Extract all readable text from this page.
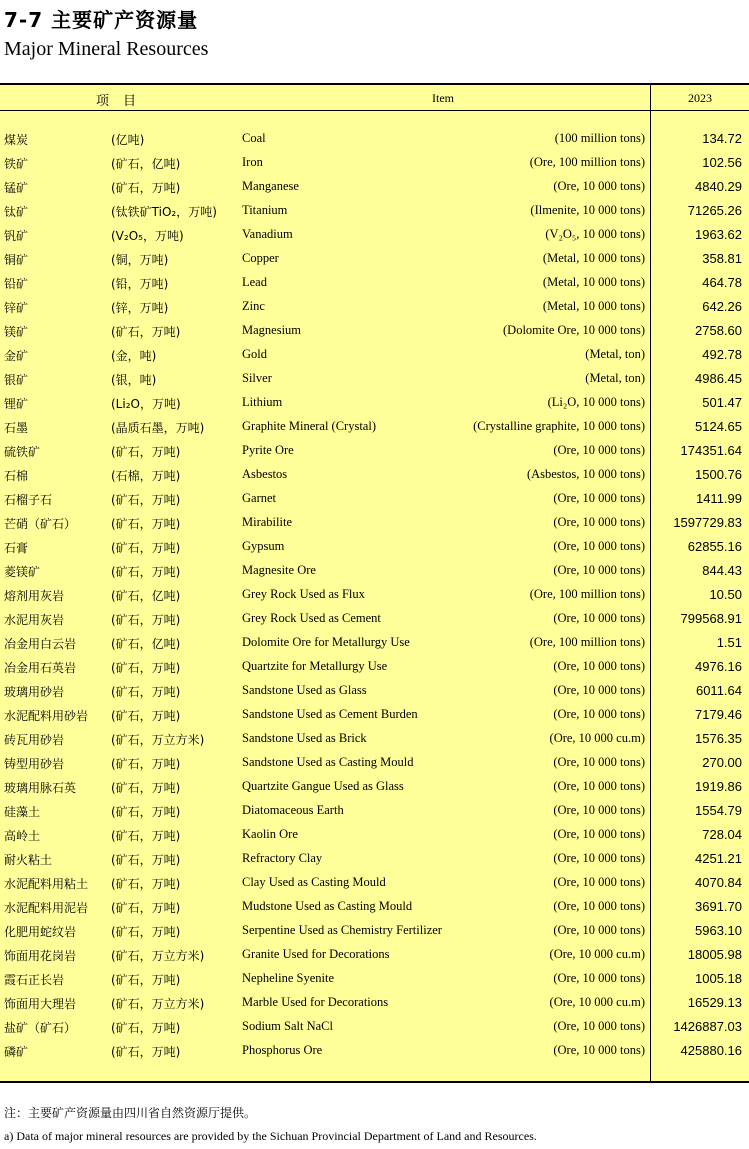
7-7 主要矿产资源量
Major Mineral Resources
项目	Item	2023
煤炭	(亿吨)	Coal	(100 million tons)	134.72
铁矿	(矿石，亿吨)	Iron	(Ore, 100 million tons)	102.56
锰矿	(矿石，万吨)	Manganese	(Ore, 10 000 tons)	4840.29
钛矿	(钛铁矿TiO₂，万吨) Titanium	(Ilmenite, 10 000 tons)	71265.26
钒矿	(V₂O₅，万吨)	Vanadium	(V₂O₅, 10 000 tons)	1963.62
铜矿	(铜，万吨)	Copper	(Metal, 10 000 tons)	358.81
铅矿	(铅，万吨)	Lead	(Metal, 10 000 tons)	464.78
锌矿	(锌，万吨)	Zinc	(Metal, 10 000 tons)	642.26
镁矿	(矿石，万吨)	Magnesium	(Dolomite Ore, 10 000 tons)	2758.60
金矿	(金，吨)	Gold	(Metal, ton)	492.78
银矿	(银，吨)	Silver	(Metal, ton)	4986.45
锂矿	(Li₂O，万吨)	Lithium	(Li₂O, 10 000 tons)	501.47
石墨	(晶质石墨，万吨)	Graphite Mineral (Crystal)	(Crystalline graphite, 10 000 tons)	5124.65
硫铁矿	(矿石，万吨)	Pyrite Ore	(Ore, 10 000 tons)	174351.64
石棉	(石棉，万吨)	Asbestos	(Asbestos, 10 000 tons)	1500.76
石榴子石	(矿石，万吨)	Garnet	(Ore, 10 000 tons)	1411.99
芒硝（矿石）	(矿石，万吨)	Mirabilite	(Ore, 10 000 tons) 1597729.83
石膏	(矿石，万吨)	Gypsum	(Ore, 10 000 tons)	62855.16
菱镁矿	(矿石，万吨)	Magnesite Ore	(Ore, 10 000 tons)	844.43
熔剂用灰岩	(矿石，亿吨)	Grey Rock Used as Flux	(Ore, 100 million tons)	10.50
水泥用灰岩	(矿石，万吨)	Grey Rock Used as Cement	(Ore, 10 000 tons)	799568.91
冶金用白云岩	(矿石，亿吨)	Dolomite Ore for Metallurgy Use	(Ore, 100 million tons)	1.51
冶金用石英岩	(矿石，万吨)	Quartzite for Metallurgy Use	(Ore, 10 000 tons)	4976.16
玻璃用砂岩	(矿石，万吨)	Sandstone Used as Glass	(Ore, 10 000 tons)	6011.64
水泥配料用砂岩 (矿石，万吨)	Sandstone Used as Cement Burden	(Ore, 10 000 tons)	7179.46
砖瓦用砂岩	(矿石，万立方米)	Sandstone Used as Brick	(Ore, 10 000 cu.m)	1576.35
铸型用砂岩	(矿石，万吨)	Sandstone Used as Casting Mould	(Ore, 10 000 tons)	270.00
玻璃用脉石英	(矿石，万吨)	Quartzite Gangue Used as Glass	(Ore, 10 000 tons)	1919.86
硅藻土	(矿石，万吨)	Diatomaceous Earth	(Ore, 10 000 tons)	1554.79
高岭土	(矿石，万吨)	Kaolin Ore	(Ore, 10 000 tons)	728.04
耐火粘土	(矿石，万吨)	Refractory Clay	(Ore, 10 000 tons)	4251.21
水泥配料用粘土 (矿石，万吨)	Clay Used as Casting Mould	(Ore, 10 000 tons)	4070.84
水泥配料用泥岩 (矿石，万吨)	Mudstone Used as Casting Mould	(Ore, 10 000 tons)	3691.70
化肥用蛇纹岩	(矿石，万吨)	Serpentine Used as Chemistry Fertilizer	(Ore, 10 000 tons)	5963.10
饰面用花岗岩	(矿石，万立方米)	Granite Used for Decorations	(Ore, 10 000 cu.m)	18005.98
霞石正长岩	(矿石，万吨)	Nepheline Syenite	(Ore, 10 000 tons)	1005.18
饰面用大理岩	(矿石，万立方米)	Marble Used for Decorations	(Ore, 10 000 cu.m)	16529.13
盐矿（矿石）	(矿石，万吨)	Sodium Salt NaCl	(Ore, 10 000 tons) 1426887.03
磷矿	(矿石，万吨)	Phosphorus Ore	(Ore, 10 000 tons)	425880.16
注：主要矿产资源量由四川省自然资源厅提供。
a) Data of major mineral resources are provided by the Sichuan Provincial Department of Land and Resources.
